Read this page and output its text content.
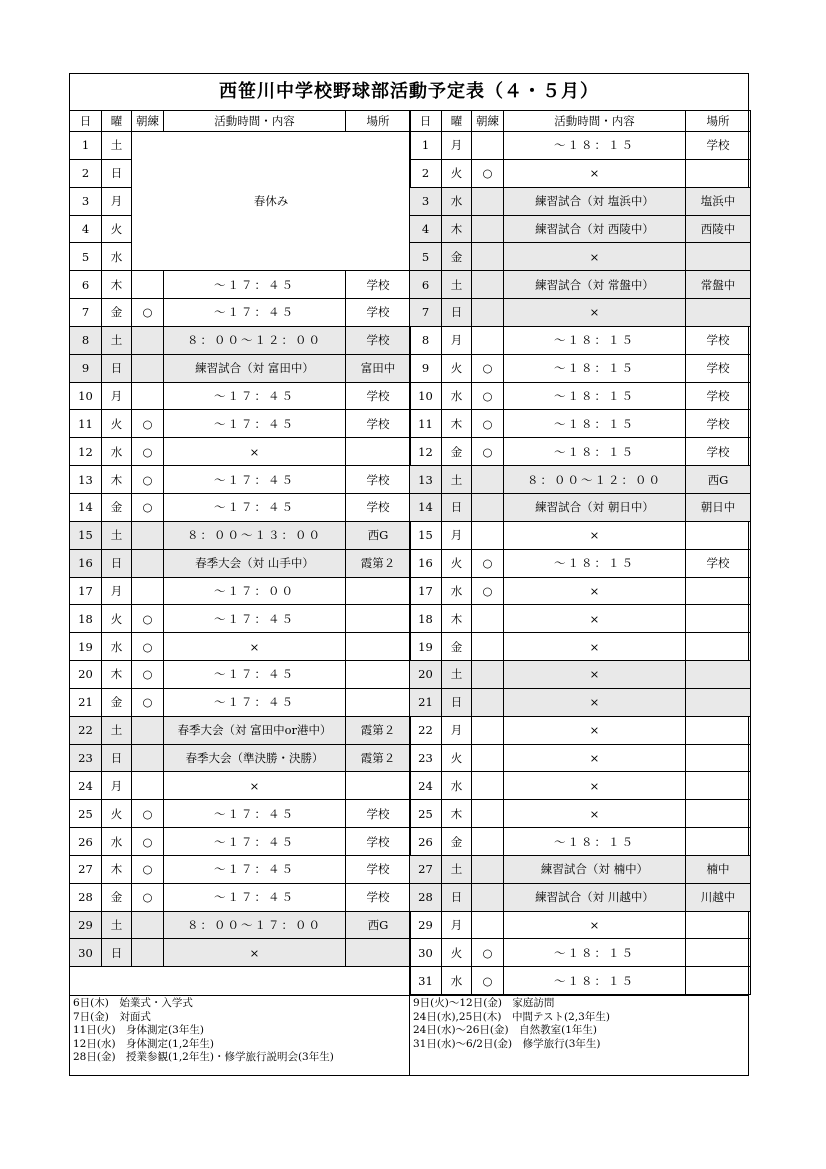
西笹川中学校野球部活動予定表（４・５月）
日	曜	朝練	活動時間・内容	場所
1	土	春休み		
2	日			
3	月			
4	火			
5	水			
6	木		～１７：４５	学校
7	金	○	～１７：４５	学校
8	土		８：００～１２：００	学校
9	日		練習試合（対 富田中）	富田中
10	月		～１７：４５	学校
11	火	○	～１７：４５	学校
12	水	○	×	
13	木	○	～１７：４５	学校
14	金	○	～１７：４５	学校
15	土		８：００～１３：００	西G
16	日		春季大会（対 山手中）	霞第２
17	月		～１７：００	
18	火	○	～１７：４５	
19	水	○	×	
20	木	○	～１７：４５	
21	金	○	～１７：４５	
22	土		春季大会（対 富田中or港中）	霞第２
23	日		春季大会（準決勝・決勝）	霞第２
24	月		×	
25	火	○	～１７：４５	学校
26	水	○	～１７：４５	学校
27	木	○	～１７：４５	学校
28	金	○	～１７：４５	学校
29	土		８：００～１７：００	西G
30	日		×	

日	曜	朝練	活動時間・内容	場所
1	月		～１８：１５	学校
2	火	○	×	
3	水		練習試合（対 塩浜中）	塩浜中
4	木		練習試合（対 西陵中）	西陵中
5	金		×	
6	土		練習試合（対 常盤中）	常盤中
7	日		×	
8	月		～１８：１５	学校
9	火	○	～１８：１５	学校
10	水	○	～１８：１５	学校
11	木	○	～１８：１５	学校
12	金	○	～１８：１５	学校
13	土		８：００～１２：００	西G
14	日		練習試合（対 朝日中）	朝日中
15	月		×	
16	火	○	～１８：１５	学校
17	水	○	×	
18	木		×	
19	金		×	
20	土		×	
21	日		×	
22	月		×	
23	火		×	
24	水		×	
25	木		×	
26	金		～１８：１５	
27	土		練習試合（対 楠中）	楠中
28	日		練習試合（対 川越中）	川越中
29	月		×	
30	火	○	～１８：１５	
31	水	○	～１８：１５	
6日(木)　始業式・入学式
7日(金)　対面式
11日(火)　身体測定(3年生)
12日(水)　身体測定(1,2年生)
28日(金)　授業参観(1,2年生)・修学旅行説明会(3年生)
9日(火)～12日(金)　家庭訪問
24日(水),25日(木)　中間テスト(2,3年生)
24日(水)～26日(金)　自然教室(1年生)
31日(水)～6/2日(金)　修学旅行(3年生)
